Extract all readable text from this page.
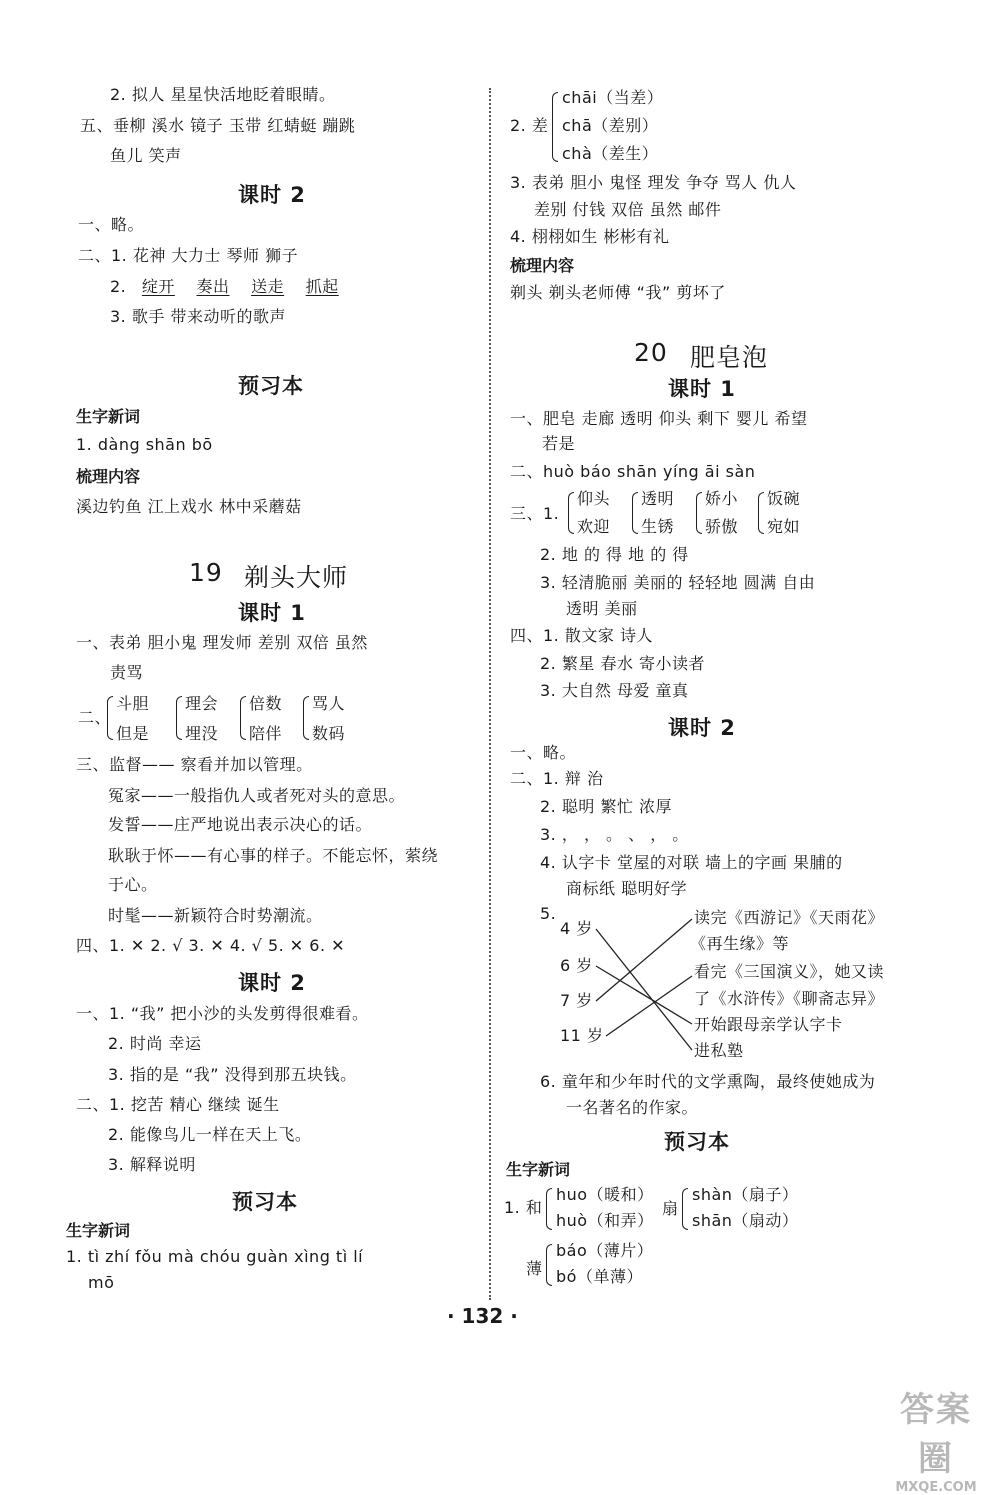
2. 拟人 星星快活地眨着眼睛。
五、垂柳 溪水 镜子 玉带 红蜻蜓 蹦跳
鱼儿 笑声
课时 2
一、略。
二、1. 花神 大力士 琴师 狮子
2. 绽开 奏出 送走 抓起
3. 歌手 带来动听的歌声
预习本
生字新词
1. dàng shān bō
梳理内容
溪边钓鱼 江上戏水 林中采蘑菇
19 剃头大师
课时 1
一、表弟 胆小鬼 理发师 差别 双倍 虽然
责骂
二、
斗胆
但是
理会
埋没
倍数
陪伴
骂人
数码
三、监督—— 察看并加以管理。
冤家——一般指仇人或者死对头的意思。
发誓——庄严地说出表示决心的话。
耿耿于怀——有心事的样子。不能忘怀，萦绕
于心。
时髦——新颖符合时势潮流。
四、1. ✕ 2. √ 3. ✕ 4. √ 5. ✕ 6. ✕
课时 2
一、1. “我” 把小沙的头发剪得很难看。
2. 时尚 幸运
3. 指的是 “我” 没得到那五块钱。
二、1. 挖苦 精心 继续 诞生
2. 能像鸟儿一样在天上飞。
3. 解释说明
预习本
生字新词
1. tì zhí fǒu mà chóu guàn xìng tì lí
mō
2. 差
chāi（当差）
chā（差别）
chà（差生）
3. 表弟 胆小 鬼怪 理发 争夺 骂人 仇人
差别 付钱 双倍 虽然 邮件
4. 栩栩如生 彬彬有礼
梳理内容
剃头 剃头老师傅 “我” 剪坏了
20 肥皂泡
课时 1
一、肥皂 走廊 透明 仰头 剩下 婴儿 希望
若是
二、huò báo shān yíng āi sàn
三、1.
仰头
欢迎
透明
生锈
娇小
骄傲
饭碗
宛如
2. 地 的 得 地 的 得
3. 轻清脆丽 美丽的 轻轻地 圆满 自由
透明 美丽
四、1. 散文家 诗人
2. 繁星 春水 寄小读者
3. 大自然 母爱 童真
课时 2
一、略。
二、1. 辩 治
2. 聪明 繁忙 浓厚
3. ， ， 。 、 ， 。
4. 认字卡 堂屋的对联 墙上的字画 果脯的
商标纸 聪明好学
5.
4 岁
6 岁
7 岁
11 岁
读完《西游记》《天雨花》
《再生缘》等
看完《三国演义》，她又读
了《水浒传》《聊斋志异》
开始跟母亲学认字卡
进私塾
6. 童年和少年时代的文学熏陶，最终使她成为
一名著名的作家。
预习本
生字新词
1. 和
huo（暖和）
huò（和弄）
扇
shàn（扇子）
shān（扇动）
薄
báo（薄片）
bó（单薄）
· 132 ·
答案圈
MXQE.COM
